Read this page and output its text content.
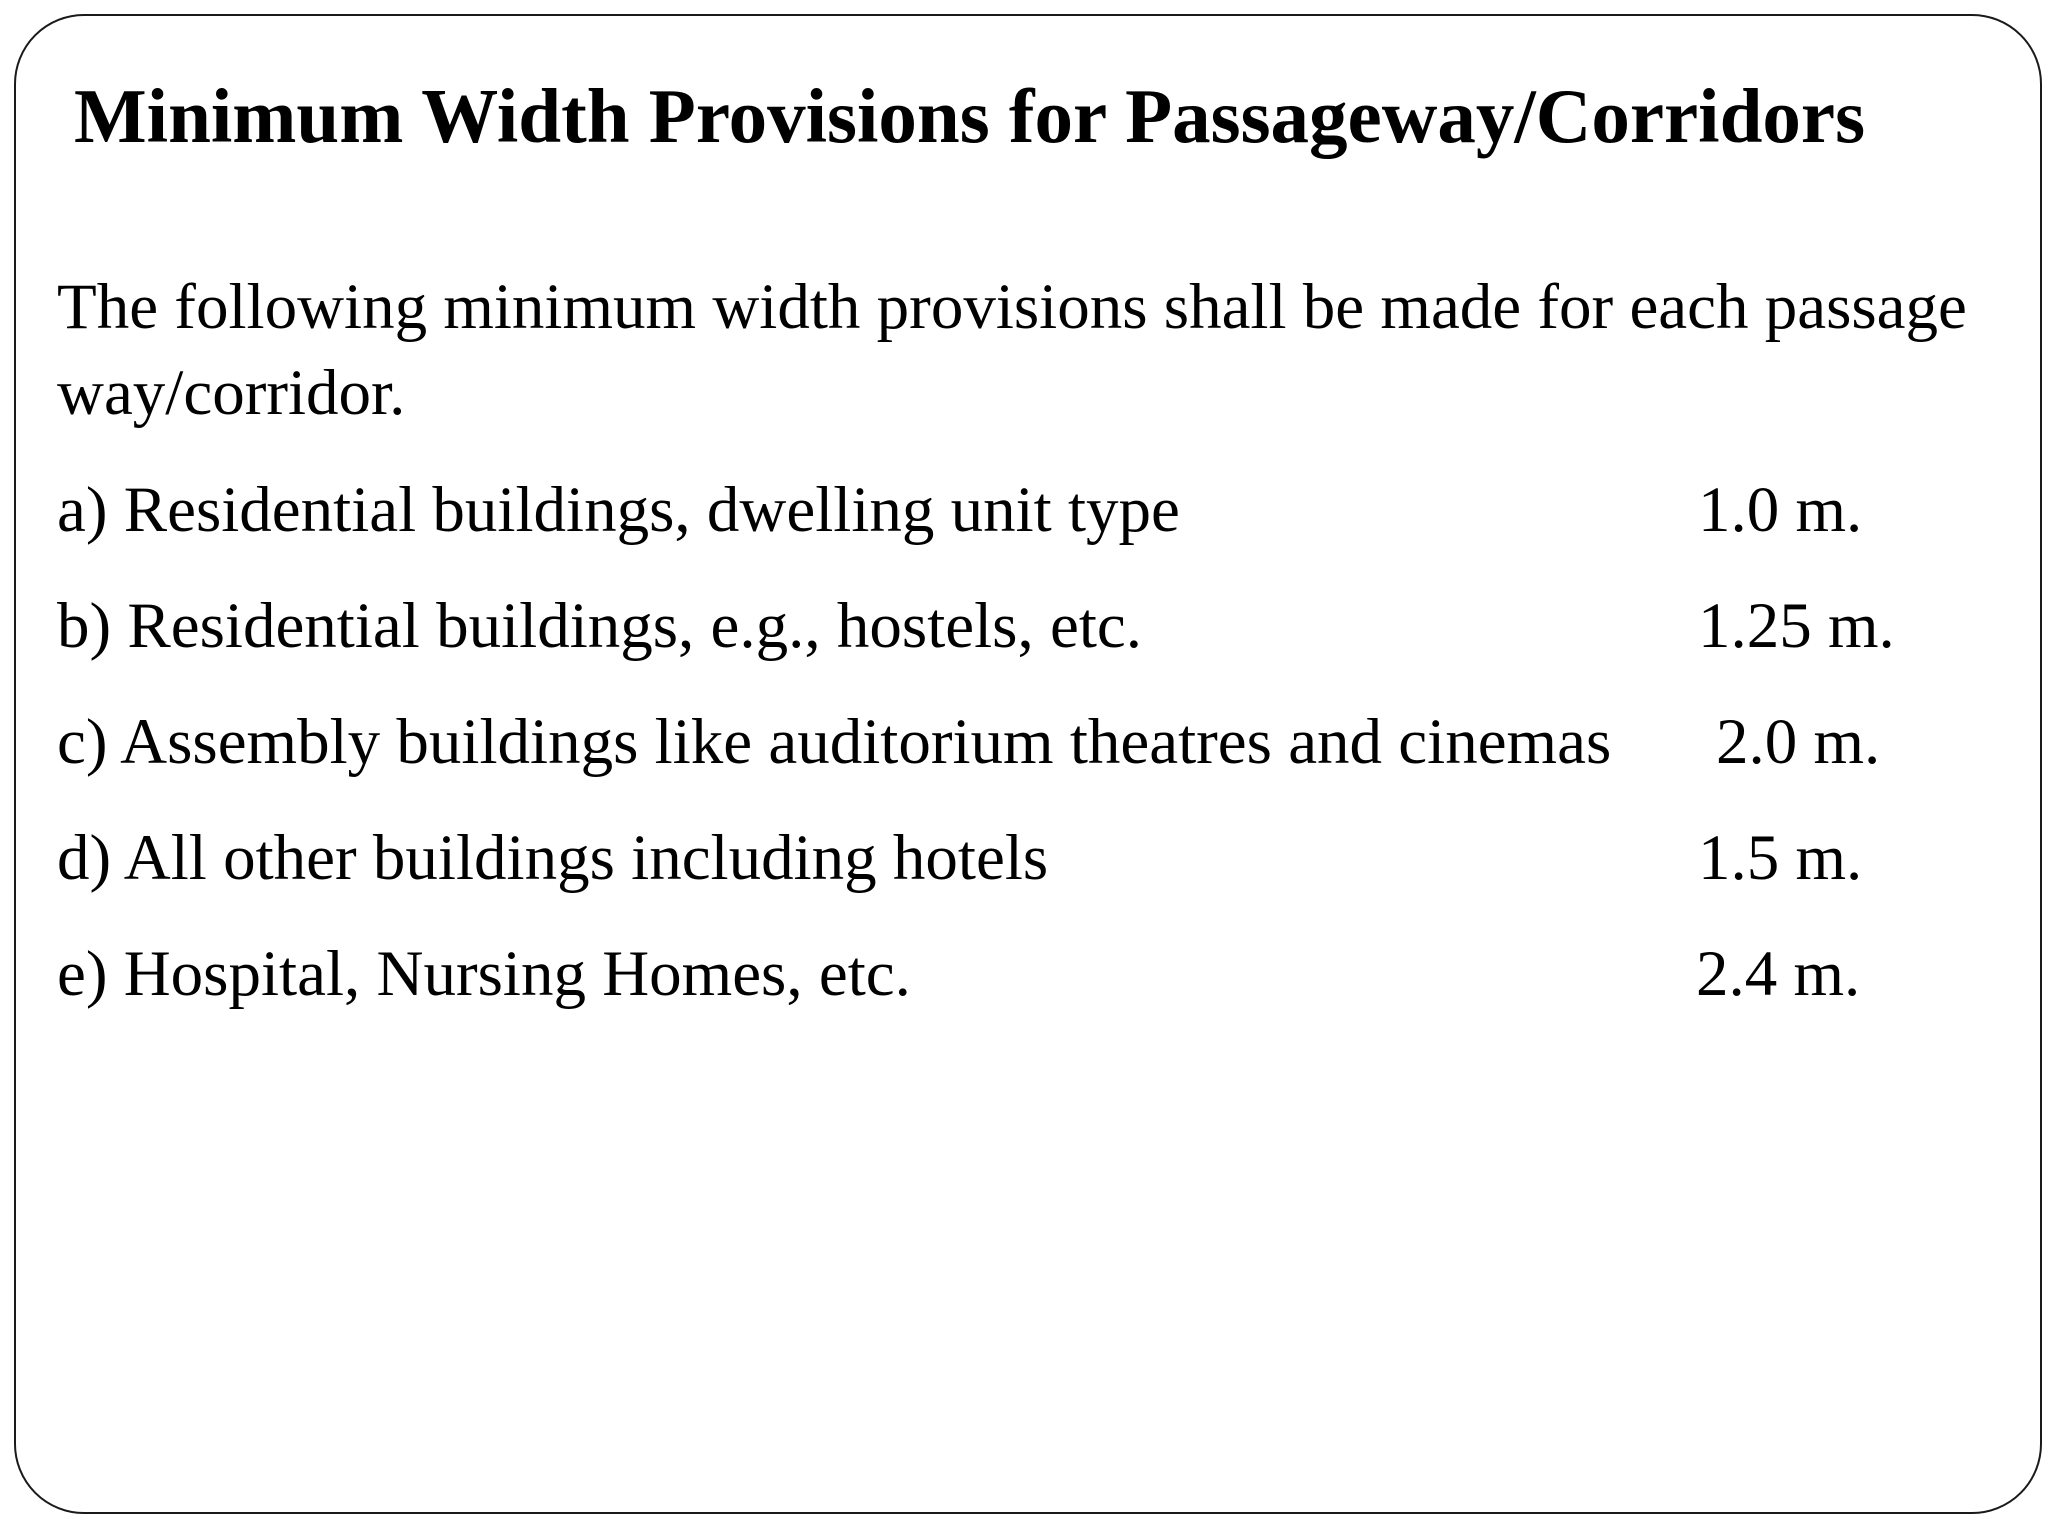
Minimum Width Provisions for Passageway/Corridors

The following minimum width provisions shall be made for each passage
way/corridor.

a) Residential buildings, dwelling unit type	1.0 m.

b) Residential buildings, e.g., hostels, etc.	1.25 m.

c) Assembly buildings like auditorium theatres and cinemas 2.0 m.

d) All other buildings including hotels	1.5 m.

e) Hospital, Nursing Homes, etc.	2.4 m.
